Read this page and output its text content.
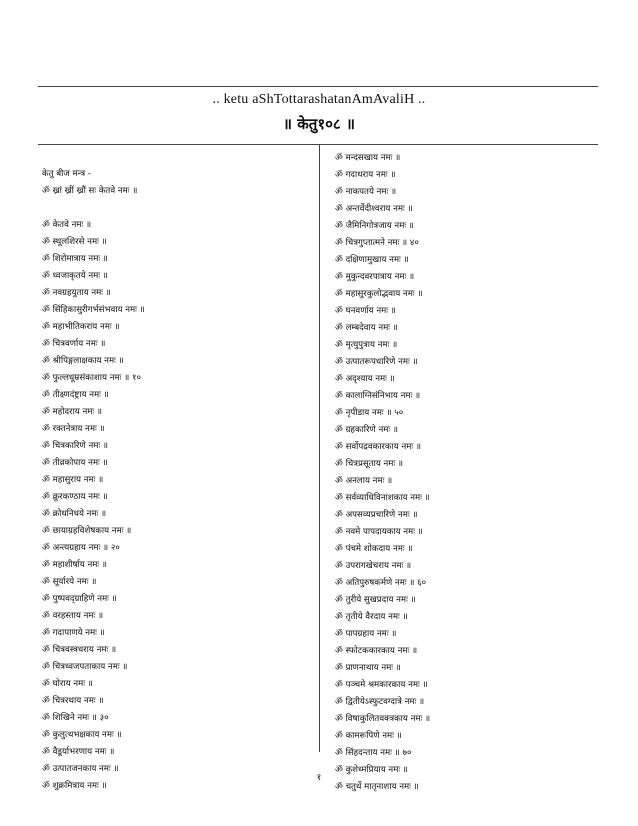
.. ketu aShTottarashatanAmAvaliH ..
॥ केतु१०८ ॥
केतु बीज मन्त्र -
ॐ ख्रां ख्रीं ख्रौं सः केतवे नमः ॥
ॐ केतवे नमः ॥
ॐ स्थूलशिरसे नमः ॥
ॐ शिरोमात्राय नमः ॥
ॐ ध्वजाकृतये नमः ॥
ॐ नवग्रहयुताय नमः ॥
ॐ सिंहिकासुरीगर्भसंभवाय नमः ॥
ॐ महाभीतिकराय नमः ॥
ॐ चित्रवर्णाय नमः ॥
ॐ श्रीपिङ्गलाक्षकाय नमः ॥
ॐ फुल्लधूम्रसंकाशाय नमः ॥ १०
ॐ तीक्ष्णदंष्ट्राय नमः ॥
ॐ महोदराय नमः ॥
ॐ रक्तनेत्राय नमः ॥
ॐ चित्रकारिणे नमः ॥
ॐ तीव्रकोपाय नमः ॥
ॐ महासुराय नमः ॥
ॐ क्रूरकण्ठाय नमः ॥
ॐ क्रोधनिधये नमः ॥
ॐ छायाग्रहविशेषकाय नमः ॥
ॐ अन्त्यग्रहाय नमः ॥ २०
ॐ महाशीर्षाय नमः ॥
ॐ सूर्यारये नमः ॥
ॐ पुष्पवद्ग्राहिणे नमः ॥
ॐ वरहस्ताय नमः ॥
ॐ गदापाणये नमः ॥
ॐ चित्रवस्त्रधराय नमः ॥
ॐ चित्रध्वजपताकाय नमः ॥
ॐ घोराय नमः ॥
ॐ चित्ररथाय नमः ॥
ॐ शिखिने नमः ॥ ३०
ॐ कुलुत्थभक्षकाय नमः ॥
ॐ वैडूर्याभरणाय नमः ॥
ॐ उत्पातजनकाय नमः ॥
ॐ शुक्रमित्राय नमः ॥
ॐ मन्दसखाय नमः ॥
ॐ गदाधराय नमः ॥
ॐ नाकपतये नमः ॥
ॐ अन्तर्वेदीश्वराय नमः ॥
ॐ जैमिनिगोत्रजाय नमः ॥
ॐ चित्रगुप्तात्मने नमः ॥ ४०
ॐ दक्षिणामुखाय नमः ॥
ॐ मुकुन्दवरपात्राय नमः ॥
ॐ महासुरकुलोद्भवाय नमः ॥
ॐ घनवर्णाय नमः ॥
ॐ लम्बदेवाय नमः ॥
ॐ मृत्युपुत्राय नमः ॥
ॐ उत्पातरूपधारिणे नमः ॥
ॐ अदृश्याय नमः ॥
ॐ कालाग्निसंनिभाय नमः ॥
ॐ नृपीडाय नमः ॥ ५०
ॐ ग्रहकारिणे नमः ॥
ॐ सर्वोपद्रवकारकाय नमः ॥
ॐ चित्रप्रसूताय नमः ॥
ॐ अनलाय नमः ॥
ॐ सर्वव्याधिविनाशकाय नमः ॥
ॐ अपसव्यप्रचारिणे नमः ॥
ॐ नवमे पापदायकाय नमः ॥
ॐ पंचमे शोकदाय नमः ॥
ॐ उपरागखेचराय नमः ॥
ॐ अतिपुरुषकर्मणे नमः ॥ ६०
ॐ तुरीये सुखप्रदाय नमः ॥
ॐ तृतीये वैरदाय नमः ॥
ॐ पापग्रहाय नमः ॥
ॐ स्फोटककारकाय नमः ॥
ॐ प्राणनाथाय नमः ॥
ॐ पञ्चमे श्रमकारकाय नमः ॥
ॐ द्वितीयेऽस्फुटवग्दात्रे नमः ॥
ॐ विषाकुलितवक्त्रकाय नमः ॥
ॐ कामरूपिणे नमः ॥
ॐ सिंहदन्ताय नमः ॥ ७०
ॐ कुशेध्मप्रियाय नमः ॥
ॐ चतुर्थे मातृनाशाय नमः ॥
१
